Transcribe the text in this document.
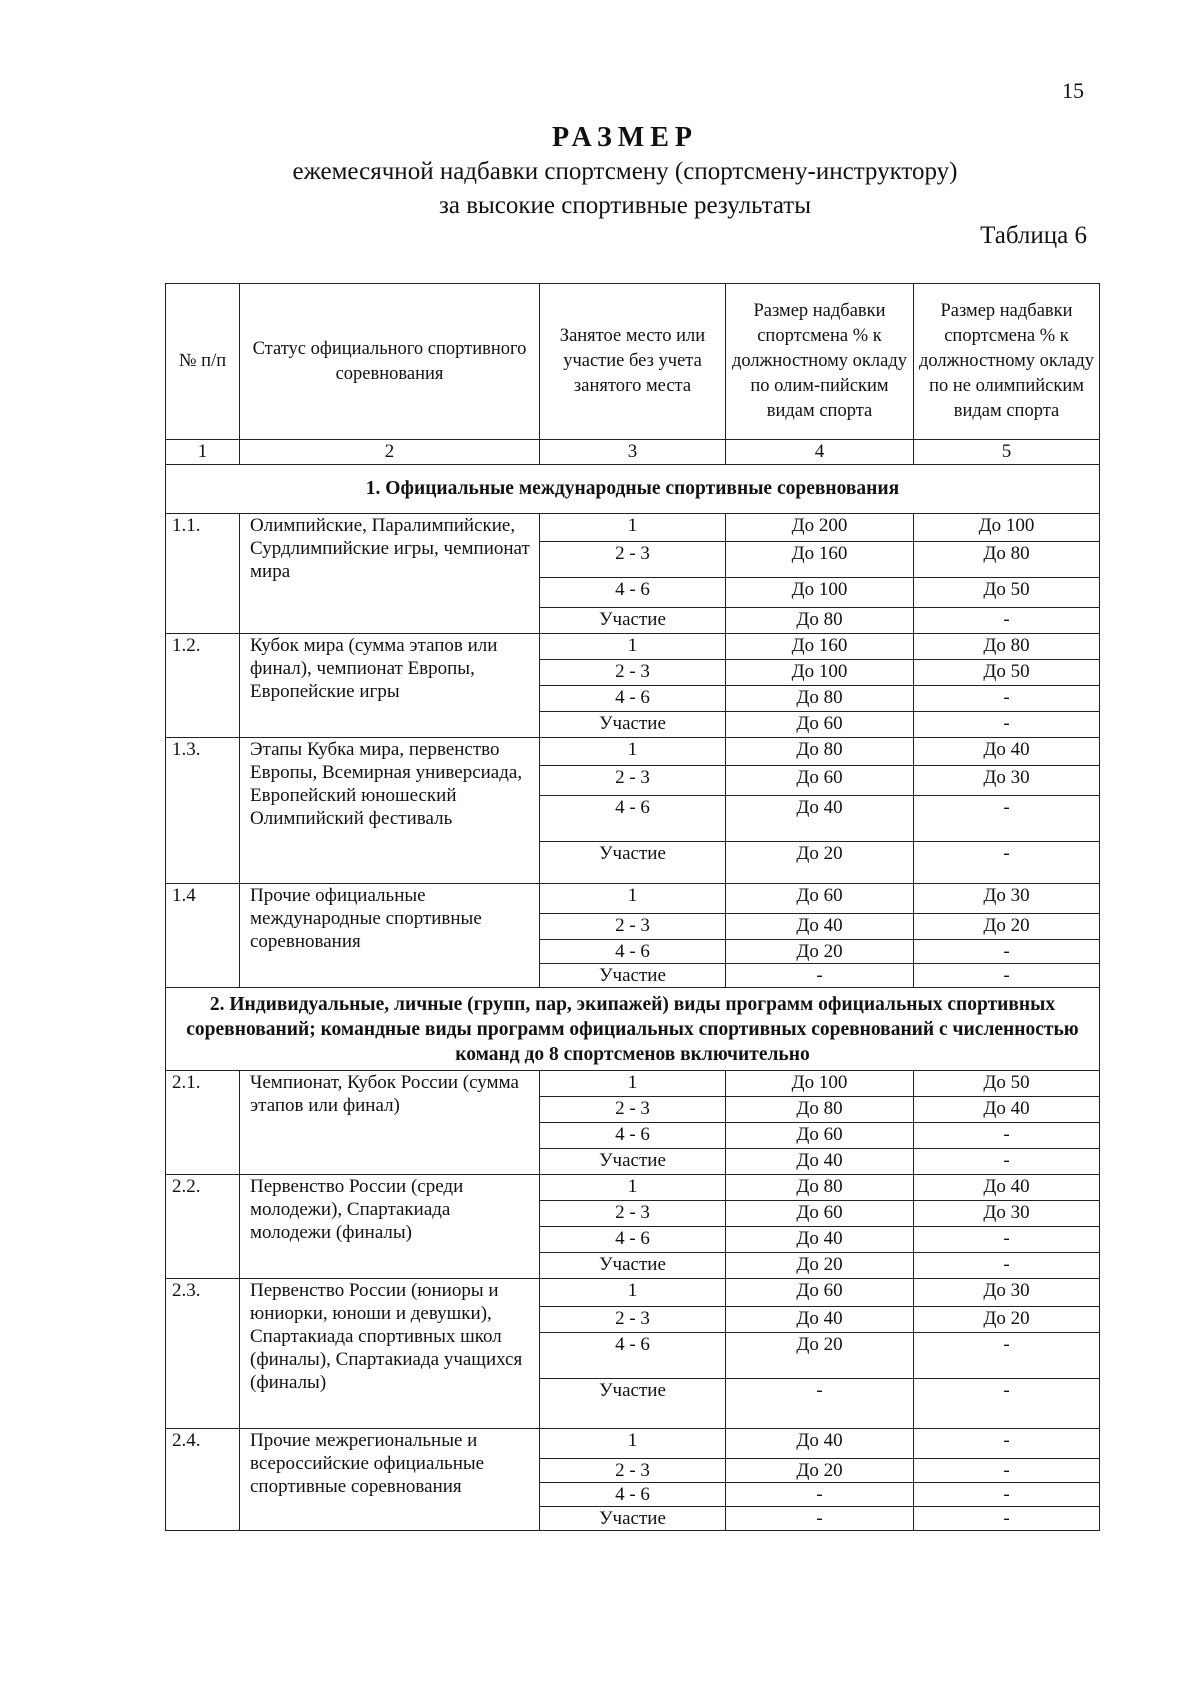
15
РАЗМЕР
ежемесячной надбавки спортсмену (спортсмену-инструктору)
за высокие спортивные результаты
Таблица 6
№ п/п	Статус официального спортивного соревнования	Занятое место или участие без учета занятого места	Размер надбавки спортсмена % к должностному окладу по олим-пийским видам спорта	Размер надбавки спортсмена % к должностному окладу по не олимпийским видам спорта
1	2	3	4	5
1. Официальные международные спортивные соревнования				
1.1.	Олимпийские, Паралимпийские, Сурдлимпийские игры, чемпионат мира	1	До 200	До 100
		2 - 3	До 160	До 80
		4 - 6	До 100	До 50
		Участие	До 80	-
1.2.	Кубок мира (сумма этапов или финал), чемпионат Европы, Европейские игры	1	До 160	До 80
		2 - 3	До 100	До 50
		4 - 6	До 80	-
		Участие	До 60	-
1.3.	Этапы Кубка мира, первенство Европы, Всемирная универсиада, Европейский юношеский Олимпийский фестиваль	1	До 80	До 40
		2 - 3	До 60	До 30
		4 - 6	До 40	-
		Участие	До 20	-
1.4	Прочие официальные международные спортивные соревнования	1	До 60	До 30
		2 - 3	До 40	До 20
		4 - 6	До 20	-
		Участие	-	-
2. Индивидуальные, личные (групп, пар, экипажей) виды программ официальных спортивных соревнований; командные виды программ официальных спортивных соревнований с численностью команд до 8 спортсменов включительно				
2.1.	Чемпионат, Кубок России (сумма этапов или финал)	1	До 100	До 50
		2 - 3	До 80	До 40
		4 - 6	До 60	-
		Участие	До 40	-
2.2.	Первенство России (среди молодежи), Спартакиада молодежи (финалы)	1	До 80	До 40
		2 - 3	До 60	До 30
		4 - 6	До 40	-
		Участие	До 20	-
2.3.	Первенство России (юниоры и юниорки, юноши и девушки), Спартакиада спортивных школ (финалы), Спартакиада учащихся (финалы)	1	До 60	До 30
		2 - 3	До 40	До 20
		4 - 6	До 20	-
		Участие	-	-
2.4.	Прочие межрегиональные и всероссийские официальные спортивные соревнования	1	До 40	-
		2 - 3	До 20	-
		4 - 6	-	-
		Участие	-	-
